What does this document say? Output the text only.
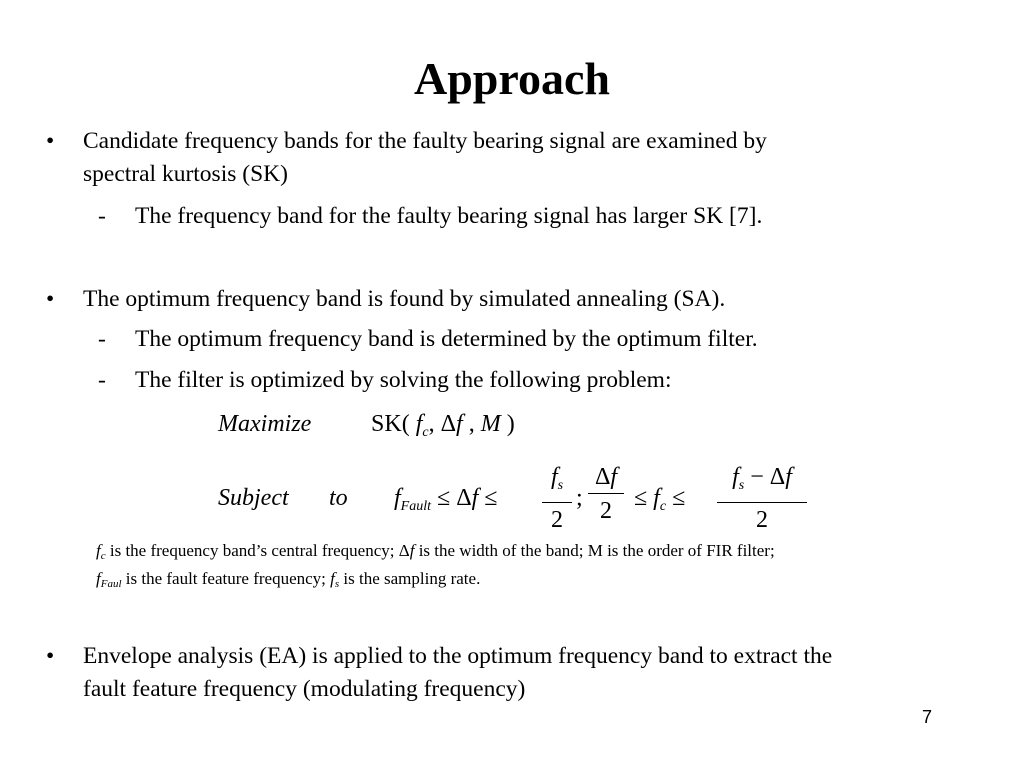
Approach
• Candidate frequency bands for the faulty bearing signal are examined by
spectral kurtosis (SK)
- The frequency band for the faulty bearing signal has larger SK [7].
• The optimum frequency band is found by simulated annealing (SA).
- The optimum frequency band is determined by the optimum filter.
- The filter is optimized by solving the following problem:
Maximize SK( $f_c$, Δf , M )
Subject to $f_{Fault} \le \Delta f$ ≤
$f_s$
2
;
Δf
$2 \le f_c$ ≤
$f_s - \Delta f$
2
fc is the frequency band’s central frequency; Δf is the width of the band; M is the order of FIR filter;
fFaul is the fault feature frequency; fs is the sampling rate.
• Envelope analysis (EA) is applied to the optimum frequency band to extract the
fault feature frequency (modulating frequency)
7
